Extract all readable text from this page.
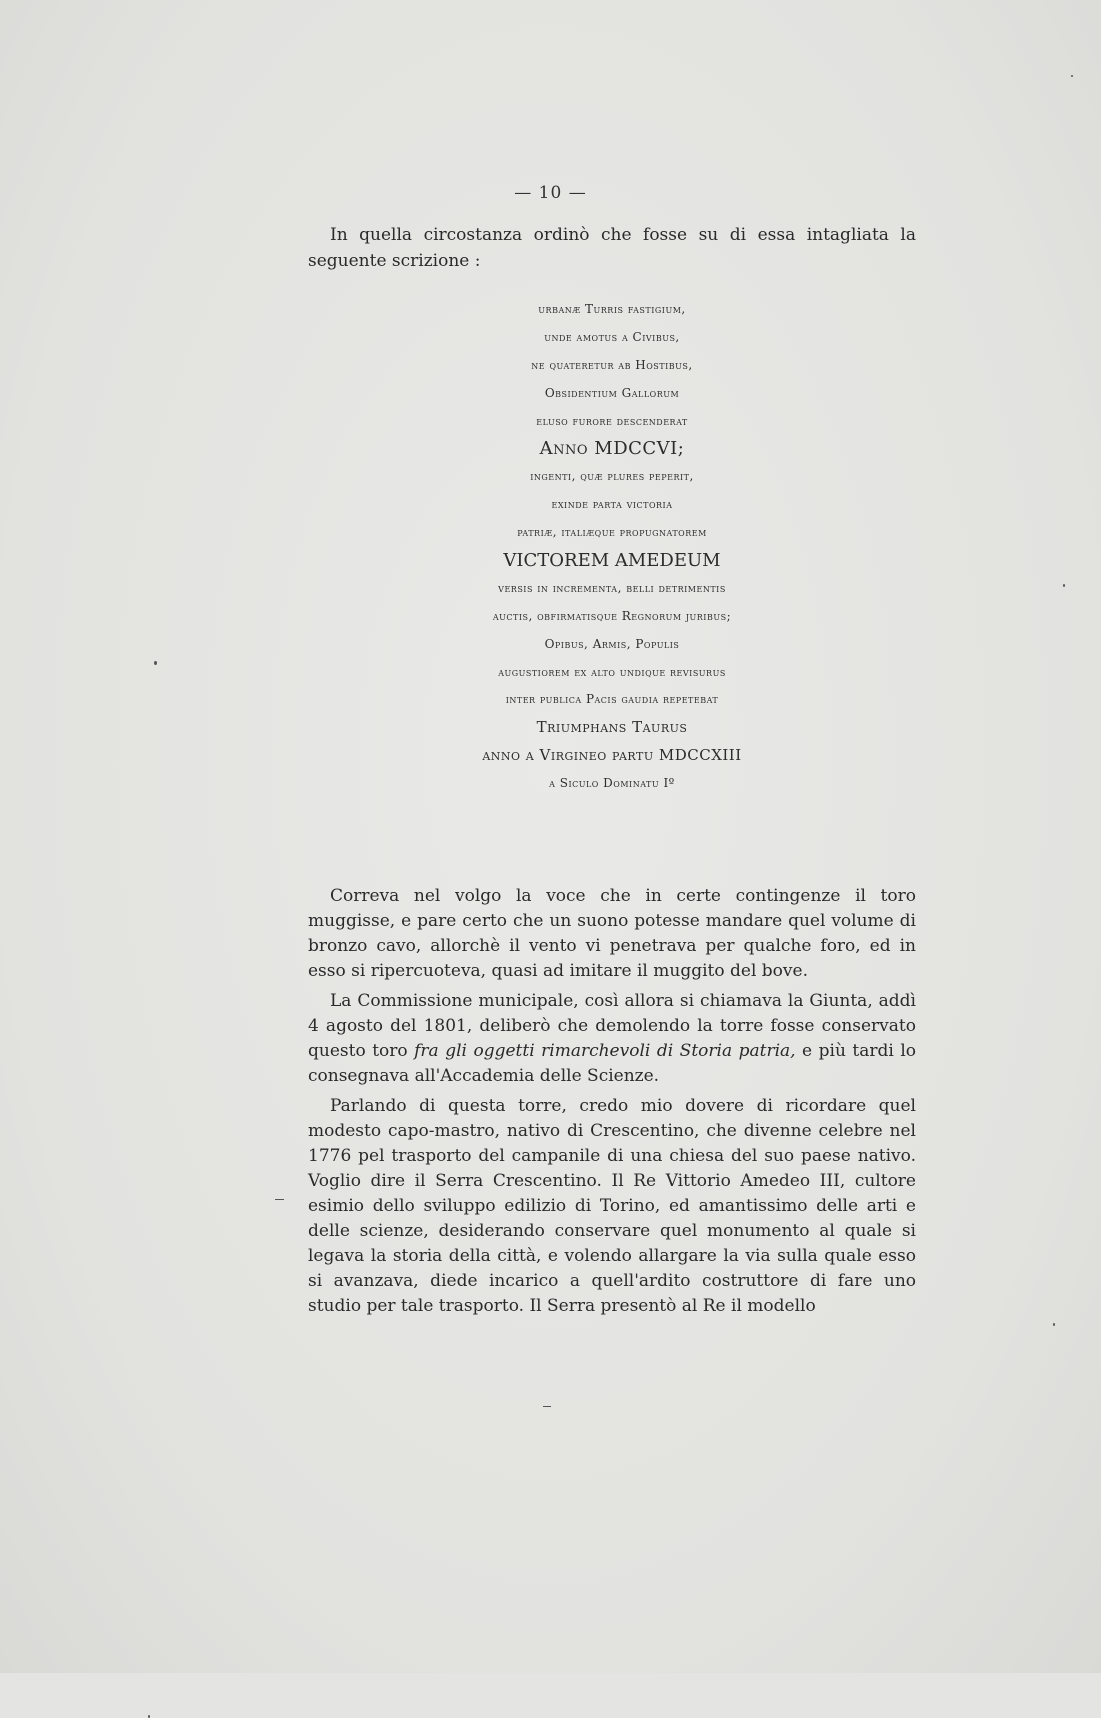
— 10 —

In quella circostanza ordinò che fosse su di essa intagliata la seguente scrizione :

urbanæ Turris fastigium,
unde amotus a Civibus,
ne quateretur ab Hostibus,
Obsidentium Gallorum
eluso furore descenderat
Anno MDCCVI;
ingenti, quæ plures peperit,
exinde parta victoria
patriæ, italiæque propugnatorem
VICTOREM AMEDEUM
versis in incrementa, belli detrimentis
auctis, obfirmatisque Regnorum juribus;
Opibus, Armis, Populis
augustiorem ex alto undique revisurus
inter publica Pacis gaudia repetebat
Triumphans Taurus
anno a Virgineo partu MDCCXIII
a Siculo Dominatu Iº

Correva nel volgo la voce che in certe contingenze il toro muggisse, e pare certo che un suono potesse mandare quel volume di bronzo cavo, allorchè il vento vi penetrava per qualche foro, ed in esso si ripercuoteva, quasi ad imitare il muggito del bove.

La Commissione municipale, così allora si chiamava la Giunta, addì 4 agosto del 1801, deliberò che demolendo la torre fosse conservato questo toro fra gli oggetti rimarchevoli di Storia patria, e più tardi lo consegnava all'Accademia delle Scienze.

Parlando di questa torre, credo mio dovere di ricordare quel modesto capo-mastro, nativo di Crescentino, che divenne celebre nel 1776 pel trasporto del campanile di una chiesa del suo paese nativo. Voglio dire il Serra Crescentino. Il Re Vittorio Amedeo III, cultore esimio dello sviluppo edilizio di Torino, ed amantissimo delle arti e delle scienze, desiderando conservare quel monumento al quale si legava la storia della città, e volendo allargare la via sulla quale esso si avanzava, diede incarico a quell'ardito costruttore di fare uno studio per tale trasporto. Il Serra presentò al Re il modello
